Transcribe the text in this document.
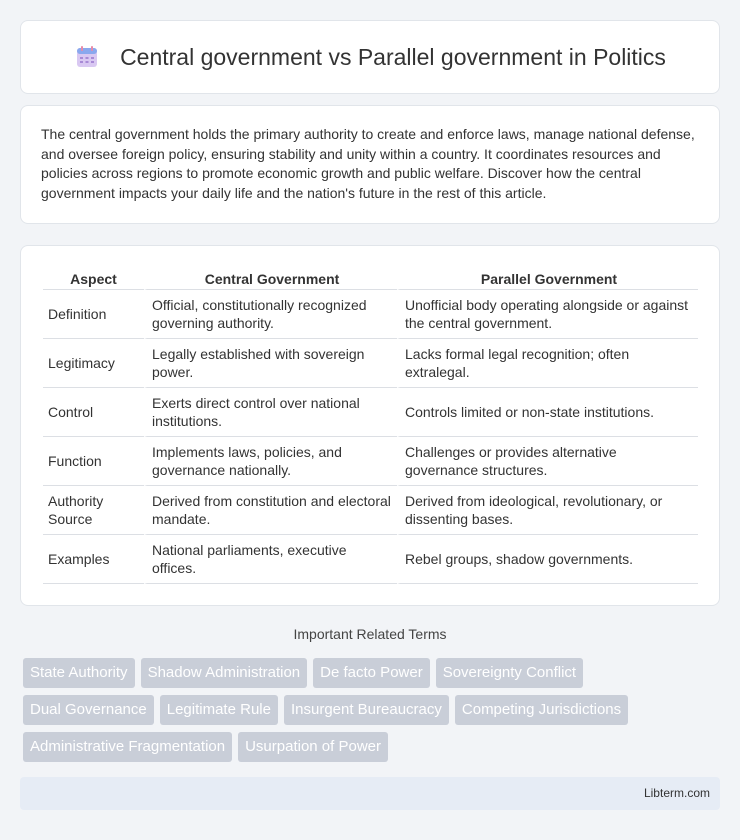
Central government vs Parallel government in Politics

The central government holds the primary authority to create and enforce laws, manage national defense, and oversee foreign policy, ensuring stability and unity within a country. It coordinates resources and policies across regions to promote economic growth and public welfare. Discover how the central government impacts your daily life and the nation's future in the rest of this article.

Aspect	Central Government	Parallel Government
Definition	Official, constitutionally recognized governing authority.	Unofficial body operating alongside or against the central government.
Legitimacy	Legally established with sovereign power.	Lacks formal legal recognition; often extralegal.
Control	Exerts direct control over national institutions.	Controls limited or non-state institutions.
Function	Implements laws, policies, and governance nationally.	Challenges or provides alternative governance structures.
Authority Source	Derived from constitution and electoral mandate.	Derived from ideological, revolutionary, or dissenting bases.
Examples	National parliaments, executive offices.	Rebel groups, shadow governments.
Important Related Terms
State Authority	Shadow Administration	De facto Power	Sovereignty Conflict
Dual Governance	Legitimate Rule	Insurgent Bureaucracy	Competing Jurisdictions
Administrative Fragmentation	Usurpation of Power
Libterm.com
